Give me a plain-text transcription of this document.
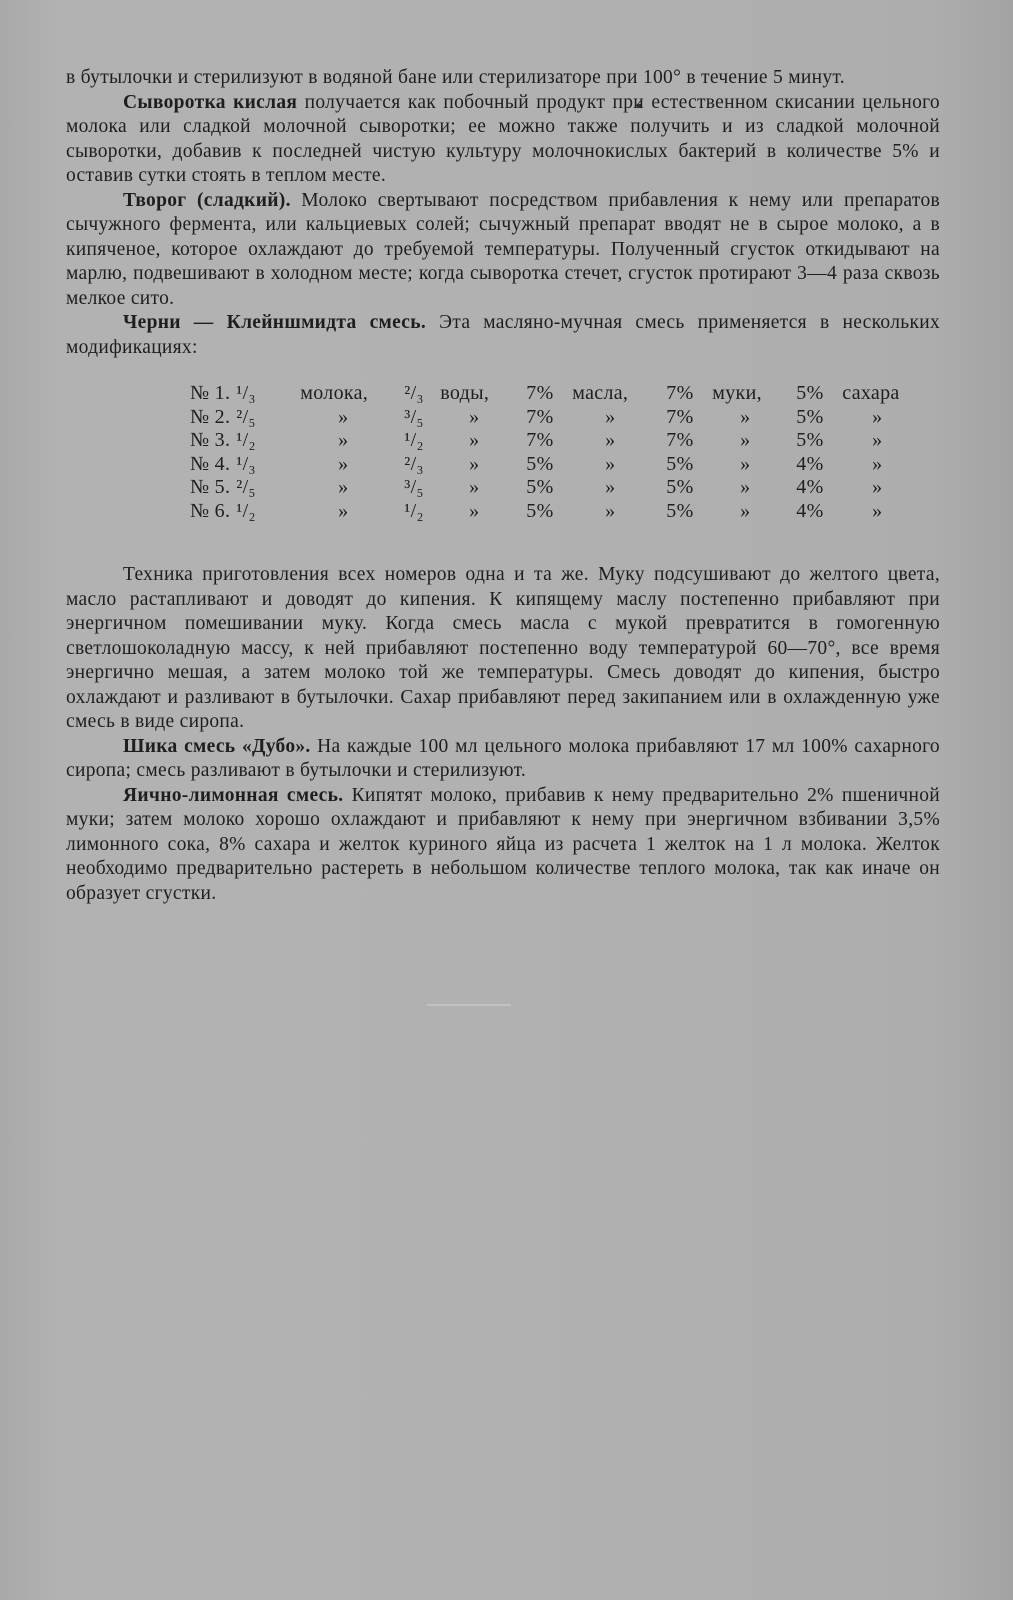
в бутылочки и стерилизуют в водяной бане или стерилизаторе при 100° в течение 5 минут.

Сыворотка кислая получается как побочный продукт при естественном скисании цельного молока или сладкой молочной сыворотки; ее можно также получить и из сладкой молочной сыворотки, добавив к последней чистую культуру молочнокислых бактерий в количестве 5% и оставив сутки стоять в теплом месте.

Творог (сладкий). Молоко свертывают посредством прибавления к нему или препаратов сычужного фермента, или кальциевых солей; сычужный препарат вводят не в сырое молоко, а в кипяченое, которое охлаждают до требуемой температуры. Полученный сгусток откидывают на марлю, подвешивают в холодном месте; когда сыворотка стечет, сгусток протирают 3—4 раза сквозь мелкое сито.

Черни — Клейншмидта смесь. Эта масляно-мучная смесь применяется в нескольких модификациях:

№ 1.	¹/₃	молока,	²/₃	воды,	7%	масла,	7%	муки,	5%	сахара
№ 2.	²/₅	»	³/₅	»	7%	»	7%	»	5%	»
№ 3.	¹/₂	»	¹/₂	»	7%	»	7%	»	5%	»
№ 4.	¹/₃	»	²/₃	»	5%	»	5%	»	4%	»
№ 5.	²/₅	»	³/₅	»	5%	»	5%	»	4%	»
№ 6.	¹/₂	»	¹/₂	»	5%	»	5%	»	4%	»

Техника приготовления всех номеров одна и та же. Муку подсушивают до желтого цвета, масло растапливают и доводят до кипения. К кипящему маслу постепенно прибавляют при энергичном помешивании муку. Когда смесь масла с мукой превратится в гомогенную светлошоколадную массу, к ней прибавляют постепенно воду температурой 60—70°, все время энергично мешая, а затем молоко той же температуры. Смесь доводят до кипения, быстро охлаждают и разливают в бутылочки. Сахар прибавляют перед закипанием или в охлажденную уже смесь в виде сиропа.

Шика смесь «Дубо». На каждые 100 мл цельного молока прибавляют 17 мл 100% сахарного сиропа; смесь разливают в бутылочки и стерилизуют.

Яично-лимонная смесь. Кипятят молоко, прибавив к нему предварительно 2% пшеничной муки; затем молоко хорошо охлаждают и прибавляют к нему при энергичном взбивании 3,5% лимонного сока, 8% сахара и желток куриного яйца из расчета 1 желток на 1 л молока. Желток необходимо предварительно растереть в небольшом количестве теплого молока, так как иначе он образует сгустки.
